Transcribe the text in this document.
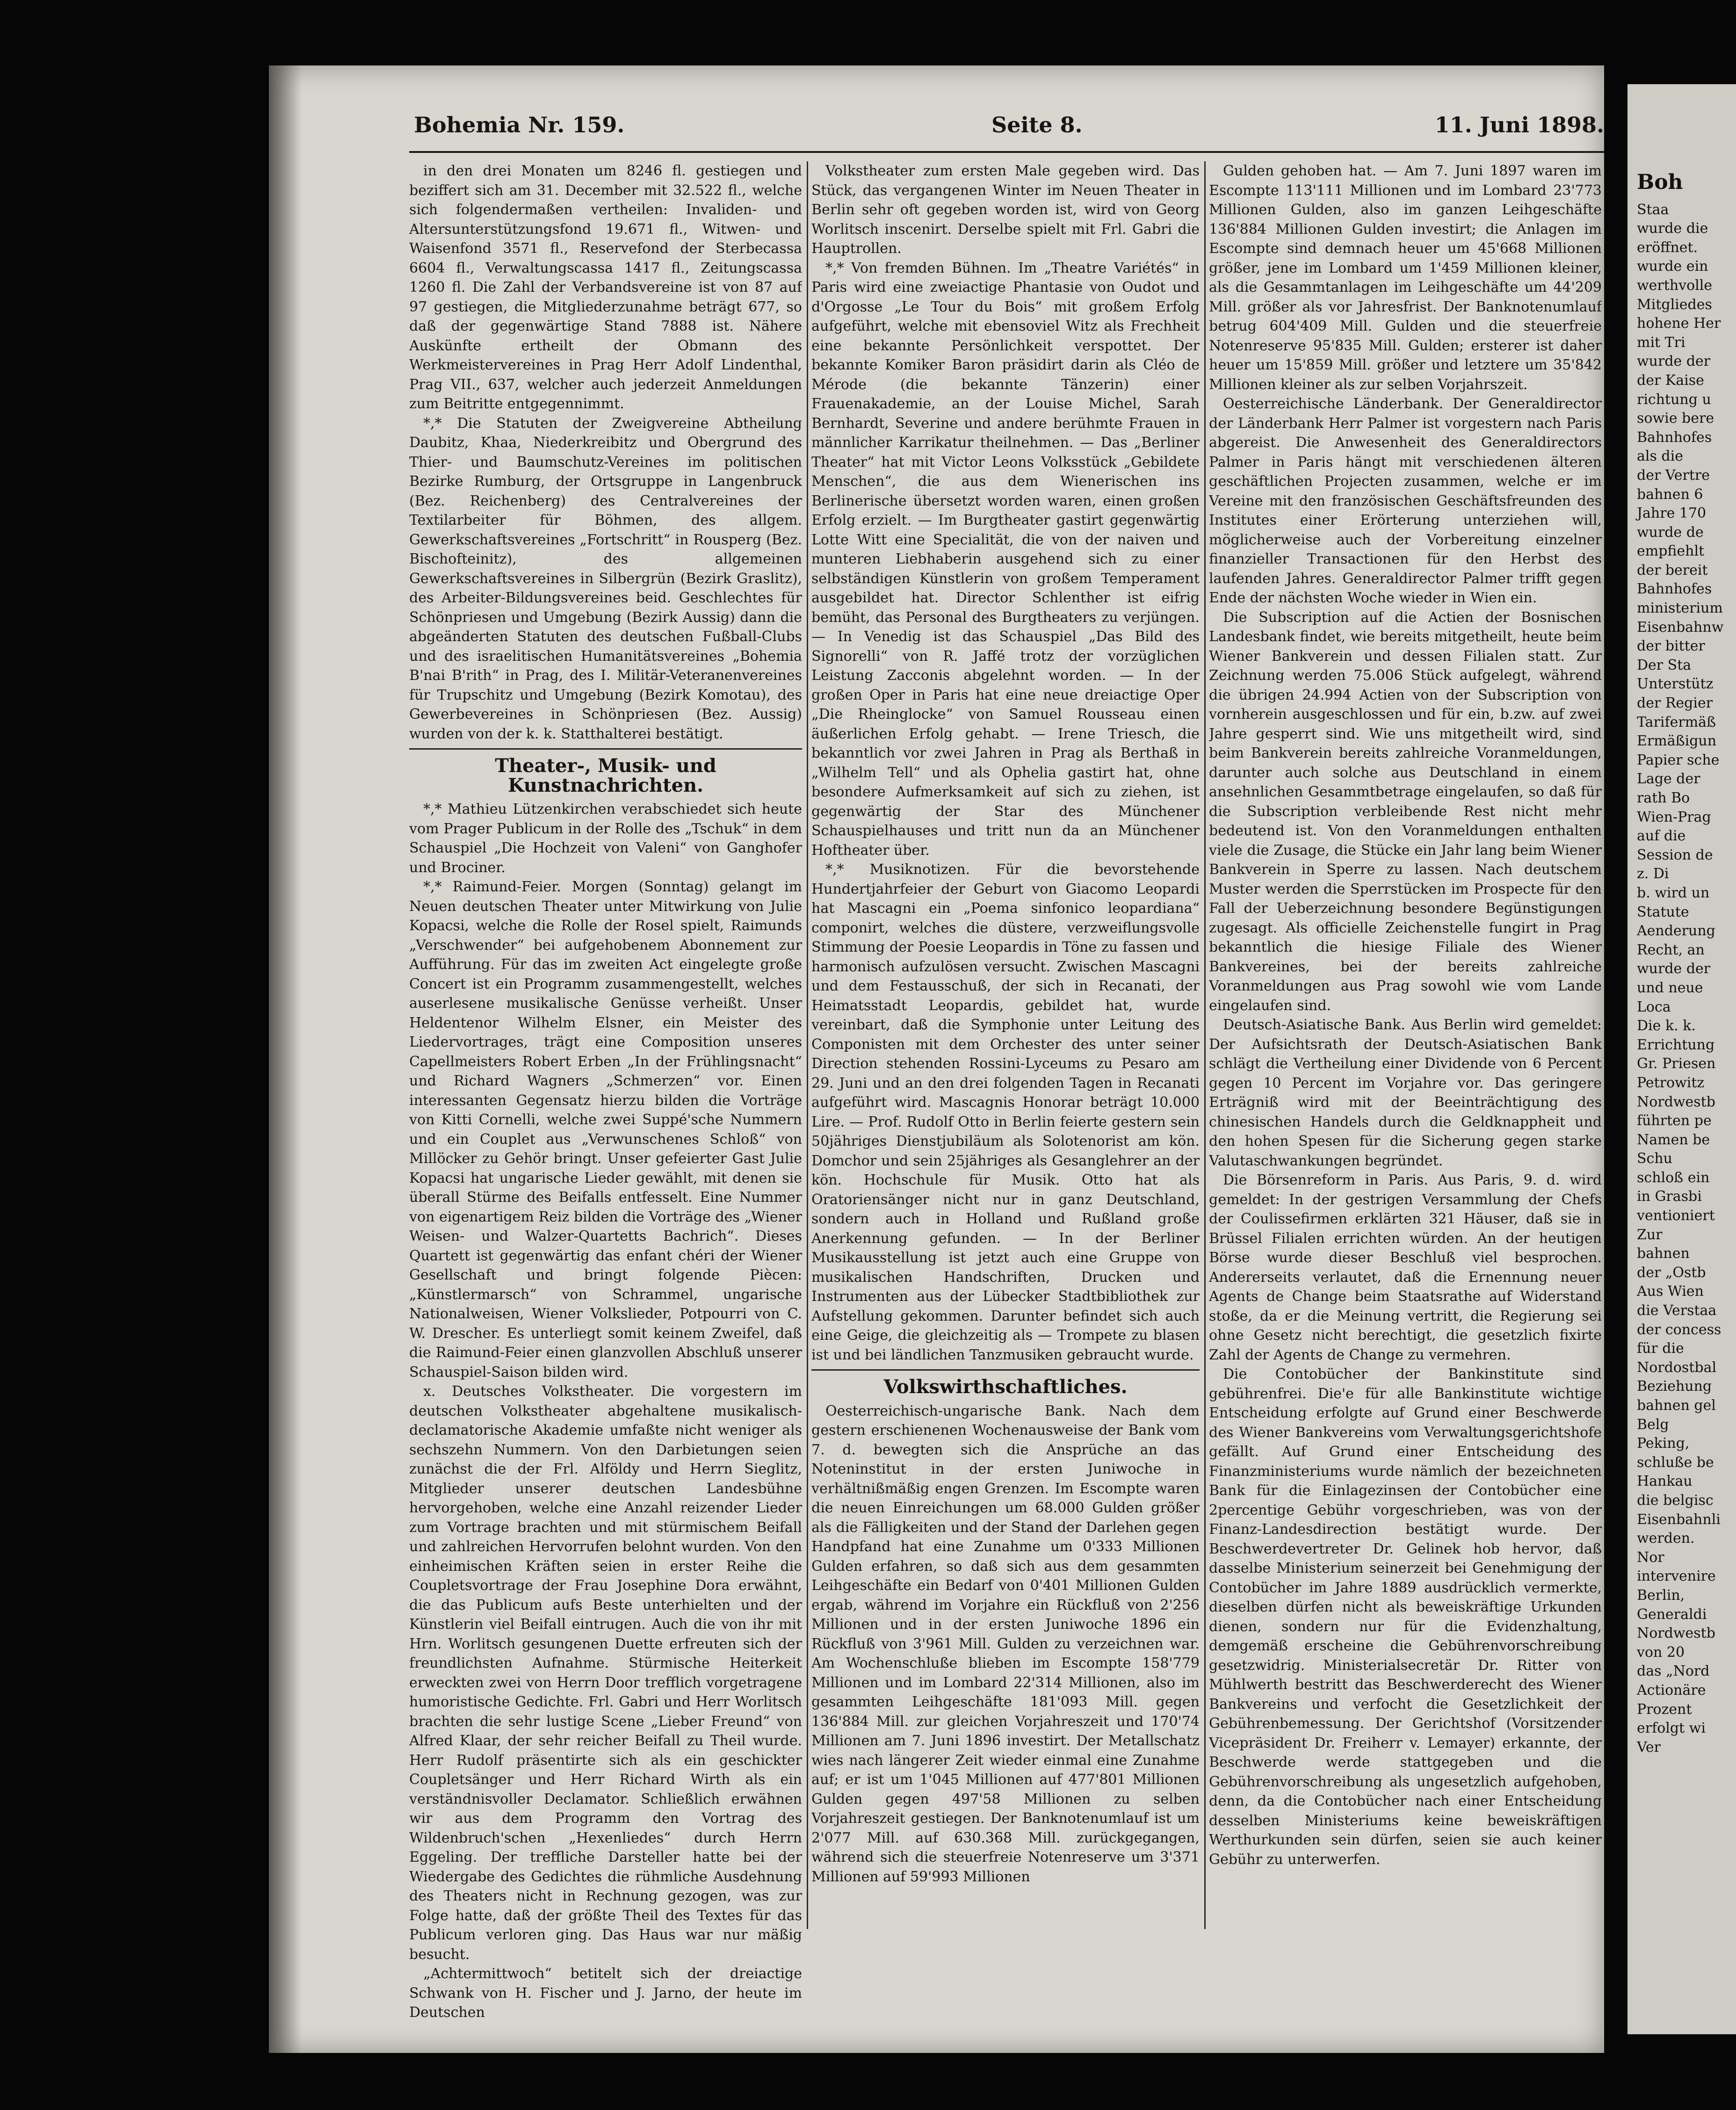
Bohemia Nr. 159.	Seite 8.	11. Juni 1898.

in den drei Monaten um 8246 fl. gestiegen und beziffert sich am 31. December mit 32.522 fl., welche sich folgendermaßen vertheilen: Invaliden- und Altersunterstützungsfond 19.671 fl., Witwen- und Waisenfond 3571 fl., Reservefond der Sterbecassa 6604 fl., Verwaltungscassa 1417 fl., Zeitungscassa 1260 fl. Die Zahl der Verbandsvereine ist von 87 auf 97 gestiegen, die Mitgliederzunahme beträgt 677, so daß der gegenwärtige Stand 7888 ist. Nähere Auskünfte ertheilt der Obmann des Werkmeistervereines in Prag Herr Adolf Lindenthal, Prag VII., 637, welcher auch jederzeit Anmeldungen zum Beitritte entgegennimmt.

*,* Die Statuten der Zweigvereine Abtheilung Daubitz, Khaa, Niederkreibitz und Obergrund des Thier- und Baumschutz-Vereines im politischen Bezirke Rumburg, der Ortsgruppe in Langenbruck (Bez. Reichenberg) des Centralvereines der Textilarbeiter für Böhmen, des allgem. Gewerkschaftsvereines „Fortschritt“ in Rousperg (Bez. Bischofteinitz), des allgemeinen Gewerkschaftsvereines in Silbergrün (Bezirk Graslitz), des Arbeiter-Bildungsvereines beid. Geschlechtes für Schönpriesen und Umgebung (Bezirk Aussig) dann die abgeänderten Statuten des deutschen Fußball-Clubs und des israelitischen Humanitätsvereines „Bohemia B'nai B'rith“ in Prag, des I. Militär-Veteranenvereines für Trupschitz und Umgebung (Bezirk Komotau), des Gewerbevereines in Schönpriesen (Bez. Aussig) wurden von der k. k. Statthalterei bestätigt.

Theater-, Musik- und Kunstnachrichten.

*,* Mathieu Lützenkirchen verabschiedet sich heute vom Prager Publicum in der Rolle des „Tschuk“ in dem Schauspiel „Die Hochzeit von Valeni“ von Ganghofer und Brociner.

*,* Raimund-Feier. Morgen (Sonntag) gelangt im Neuen deutschen Theater unter Mitwirkung von Julie Kopacsi, welche die Rolle der Rosel spielt, Raimunds „Verschwender“ bei aufgehobenem Abonnement zur Aufführung. Für das im zweiten Act eingelegte große Concert ist ein Programm zusammengestellt, welches auserlesene musikalische Genüsse verheißt. Unser Heldentenor Wilhelm Elsner, ein Meister des Liedervortrages, trägt eine Composition unseres Capellmeisters Robert Erben „In der Frühlingsnacht“ und Richard Wagners „Schmerzen“ vor. Einen interessanten Gegensatz hierzu bilden die Vorträge von Kitti Cornelli, welche zwei Suppé'sche Nummern und ein Couplet aus „Verwunschenes Schloß“ von Millöcker zu Gehör bringt. Unser gefeierter Gast Julie Kopacsi hat ungarische Lieder gewählt, mit denen sie überall Stürme des Beifalls entfesselt. Eine Nummer von eigenartigem Reiz bilden die Vorträge des „Wiener Weisen- und Walzer-Quartetts Bachrich“. Dieses Quartett ist gegenwärtig das enfant chéri der Wiener Gesellschaft und bringt folgende Piècen: „Künstlermarsch“ von Schrammel, ungarische Nationalweisen, Wiener Volkslieder, Potpourri von C. W. Drescher. Es unterliegt somit keinem Zweifel, daß die Raimund-Feier einen glanzvollen Abschluß unserer Schauspiel-Saison bilden wird.

x. Deutsches Volkstheater. Die vorgestern im deutschen Volkstheater abgehaltene musikalisch-declamatorische Akademie umfaßte nicht weniger als sechszehn Nummern. Von den Darbietungen seien zunächst die der Frl. Alföldy und Herrn Sieglitz, Mitglieder unserer deutschen Landesbühne hervorgehoben, welche eine Anzahl reizender Lieder zum Vortrage brachten und mit stürmischem Beifall und zahlreichen Hervorrufen belohnt wurden. Von den einheimischen Kräften seien in erster Reihe die Coupletsvortrage der Frau Josephine Dora erwähnt, die das Publicum aufs Beste unterhielten und der Künstlerin viel Beifall eintrugen. Auch die von ihr mit Hrn. Worlitsch gesungenen Duette erfreuten sich der freundlichsten Aufnahme. Stürmische Heiterkeit erweckten zwei von Herrn Door trefflich vorgetragene humoristische Gedichte. Frl. Gabri und Herr Worlitsch brachten die sehr lustige Scene „Lieber Freund“ von Alfred Klaar, der sehr reicher Beifall zu Theil wurde. Herr Rudolf präsentirte sich als ein geschickter Coupletsänger und Herr Richard Wirth als ein verständnisvoller Declamator. Schließlich erwähnen wir aus dem Programm den Vortrag des Wildenbruch'schen „Hexenliedes“ durch Herrn Eggeling. Der treffliche Darsteller hatte bei der Wiedergabe des Gedichtes die rühmliche Ausdehnung des Theaters nicht in Rechnung gezogen, was zur Folge hatte, daß der größte Theil des Textes für das Publicum verloren ging. Das Haus war nur mäßig besucht.

„Achtermittwoch“ betitelt sich der dreiactige Schwank von H. Fischer und J. Jarno, der heute im Deutschen

Volkstheater zum ersten Male gegeben wird. Das Stück, das vergangenen Winter im Neuen Theater in Berlin sehr oft gegeben worden ist, wird von Georg Worlitsch inscenirt. Derselbe spielt mit Frl. Gabri die Hauptrollen.

*,* Von fremden Bühnen. Im „Theatre Variétés“ in Paris wird eine zweiactige Phantasie von Oudot und d'Orgosse „Le Tour du Bois“ mit großem Erfolg aufgeführt, welche mit ebensoviel Witz als Frechheit eine bekannte Persönlichkeit verspottet. Der bekannte Komiker Baron präsidirt darin als Cléo de Mérode (die bekannte Tänzerin) einer Frauenakademie, an der Louise Michel, Sarah Bernhardt, Severine und andere berühmte Frauen in männlicher Karrikatur theilnehmen. — Das „Berliner Theater“ hat mit Victor Leons Volksstück „Gebildete Menschen“, die aus dem Wienerischen ins Berlinerische übersetzt worden waren, einen großen Erfolg erzielt. — Im Burgtheater gastirt gegenwärtig Lotte Witt eine Specialität, die von der naiven und munteren Liebhaberin ausgehend sich zu einer selbständigen Künstlerin von großem Temperament ausgebildet hat. Director Schlenther ist eifrig bemüht, das Personal des Burgtheaters zu verjüngen. — In Venedig ist das Schauspiel „Das Bild des Signorelli“ von R. Jaffé trotz der vorzüglichen Leistung Zacconis abgelehnt worden. — In der großen Oper in Paris hat eine neue dreiactige Oper „Die Rheinglocke“ von Samuel Rousseau einen äußerlichen Erfolg gehabt. — Irene Triesch, die bekanntlich vor zwei Jahren in Prag als Berthaß in „Wilhelm Tell“ und als Ophelia gastirt hat, ohne besondere Aufmerksamkeit auf sich zu ziehen, ist gegenwärtig der Star des Münchener Schauspielhauses und tritt nun da an Münchener Hoftheater über.

*,* Musiknotizen. Für die bevorstehende Hundertjahrfeier der Geburt von Giacomo Leopardi hat Mascagni ein „Poema sinfonico leopardiana“ componirt, welches die düstere, verzweiflungsvolle Stimmung der Poesie Leopardis in Töne zu fassen und harmonisch aufzulösen versucht. Zwischen Mascagni und dem Festausschuß, der sich in Recanati, der Heimatsstadt Leopardis, gebildet hat, wurde vereinbart, daß die Symphonie unter Leitung des Componisten mit dem Orchester des unter seiner Direction stehenden Rossini-Lyceums zu Pesaro am 29. Juni und an den drei folgenden Tagen in Recanati aufgeführt wird. Mascagnis Honorar beträgt 10.000 Lire. — Prof. Rudolf Otto in Berlin feierte gestern sein 50jähriges Dienstjubiläum als Solotenorist am kön. Domchor und sein 25jähriges als Gesanglehrer an der kön. Hochschule für Musik. Otto hat als Oratoriensänger nicht nur in ganz Deutschland, sondern auch in Holland und Rußland große Anerkennung gefunden. — In der Berliner Musikausstellung ist jetzt auch eine Gruppe von musikalischen Handschriften, Drucken und Instrumenten aus der Lübecker Stadtbibliothek zur Aufstellung gekommen. Darunter befindet sich auch eine Geige, die gleichzeitig als — Trompete zu blasen ist und bei ländlichen Tanzmusiken gebraucht wurde.

Volkswirthschaftliches.

Oesterreichisch-ungarische Bank. Nach dem gestern erschienenen Wochenausweise der Bank vom 7. d. bewegten sich die Ansprüche an das Noteninstitut in der ersten Juniwoche in verhältnißmäßig engen Grenzen. Im Escompte waren die neuen Einreichungen um 68.000 Gulden größer als die Fälligkeiten und der Stand der Darlehen gegen Handpfand hat eine Zunahme um 0'333 Millionen Gulden erfahren, so daß sich aus dem gesammten Leihgeschäfte ein Bedarf von 0'401 Millionen Gulden ergab, während im Vorjahre ein Rückfluß von 2'256 Millionen und in der ersten Juniwoche 1896 ein Rückfluß von 3'961 Mill. Gulden zu verzeichnen war. Am Wochenschluße blieben im Escompte 158'779 Millionen und im Lombard 22'314 Millionen, also im gesammten Leihgeschäfte 181'093 Mill. gegen 136'884 Mill. zur gleichen Vorjahreszeit und 170'74 Millionen am 7. Juni 1896 investirt. Der Metallschatz wies nach längerer Zeit wieder einmal eine Zunahme auf; er ist um 1'045 Millionen auf 477'801 Millionen Gulden gegen 497'58 Millionen zu selben Vorjahreszeit gestiegen. Der Banknotenumlauf ist um 2'077 Mill. auf 630.368 Mill. zurückgegangen, während sich die steuerfreie Notenreserve um 3'371 Millionen auf 59'993 Millionen

Gulden gehoben hat. — Am 7. Juni 1897 waren im Escompte 113'111 Millionen und im Lombard 23'773 Millionen Gulden, also im ganzen Leihgeschäfte 136'884 Millionen Gulden investirt; die Anlagen im Escompte sind demnach heuer um 45'668 Millionen größer, jene im Lombard um 1'459 Millionen kleiner, als die Gesammtanlagen im Leihgeschäfte um 44'209 Mill. größer als vor Jahresfrist. Der Banknotenumlauf betrug 604'409 Mill. Gulden und die steuerfreie Notenreserve 95'835 Mill. Gulden; ersterer ist daher heuer um 15'859 Mill. größer und letztere um 35'842 Millionen kleiner als zur selben Vorjahrszeit.

Oesterreichische Länderbank. Der Generaldirector der Länderbank Herr Palmer ist vorgestern nach Paris abgereist. Die Anwesenheit des Generaldirectors Palmer in Paris hängt mit verschiedenen älteren geschäftlichen Projecten zusammen, welche er im Vereine mit den französischen Geschäftsfreunden des Institutes einer Erörterung unterziehen will, möglicherweise auch der Vorbereitung einzelner finanzieller Transactionen für den Herbst des laufenden Jahres. Generaldirector Palmer trifft gegen Ende der nächsten Woche wieder in Wien ein.

Die Subscription auf die Actien der Bosnischen Landesbank findet, wie bereits mitgetheilt, heute beim Wiener Bankverein und dessen Filialen statt. Zur Zeichnung werden 75.006 Stück aufgelegt, während die übrigen 24.994 Actien von der Subscription von vornherein ausgeschlossen und für ein, b.zw. auf zwei Jahre gesperrt sind. Wie uns mitgetheilt wird, sind beim Bankverein bereits zahlreiche Voranmeldungen, darunter auch solche aus Deutschland in einem ansehnlichen Gesammtbetrage eingelaufen, so daß für die Subscription verbleibende Rest nicht mehr bedeutend ist. Von den Voranmeldungen enthalten viele die Zusage, die Stücke ein Jahr lang beim Wiener Bankverein in Sperre zu lassen. Nach deutschem Muster werden die Sperrstücken im Prospecte für den Fall der Ueberzeichnung besondere Begünstigungen zugesagt. Als officielle Zeichenstelle fungirt in Prag bekanntlich die hiesige Filiale des Wiener Bankvereines, bei der bereits zahlreiche Voranmeldungen aus Prag sowohl wie vom Lande eingelaufen sind.

Deutsch-Asiatische Bank. Aus Berlin wird gemeldet: Der Aufsichtsrath der Deutsch-Asiatischen Bank schlägt die Vertheilung einer Dividende von 6 Percent gegen 10 Percent im Vorjahre vor. Das geringere Erträgniß wird mit der Beeinträchtigung des chinesischen Handels durch die Geldknappheit und den hohen Spesen für die Sicherung gegen starke Valutaschwankungen begründet.

Die Börsenreform in Paris. Aus Paris, 9. d. wird gemeldet: In der gestrigen Versammlung der Chefs der Coulissefirmen erklärten 321 Häuser, daß sie in Brüssel Filialen errichten würden. An der heutigen Börse wurde dieser Beschluß viel besprochen. Andererseits verlautet, daß die Ernennung neuer Agents de Change beim Staatsrathe auf Widerstand stoße, da er die Meinung vertritt, die Regierung sei ohne Gesetz nicht berechtigt, die gesetzlich fixirte Zahl der Agents de Change zu vermehren.

Die Contobücher der Bankinstitute sind gebührenfrei. Die'e für alle Bankinstitute wichtige Entscheidung erfolgte auf Grund einer Beschwerde des Wiener Bankvereins vom Verwaltungsgerichtshofe gefällt. Auf Grund einer Entscheidung des Finanzministeriums wurde nämlich der bezeichneten Bank für die Einlagezinsen der Contobücher eine 2percentige Gebühr vorgeschrieben, was von der Finanz-Landesdirection bestätigt wurde. Der Beschwerdevertreter Dr. Gelinek hob hervor, daß dasselbe Ministerium seinerzeit bei Genehmigung der Contobücher im Jahre 1889 ausdrücklich vermerkte, dieselben dürfen nicht als beweiskräftige Urkunden dienen, sondern nur für die Evidenzhaltung, demgemäß erscheine die Gebührenvorschreibung gesetzwidrig. Ministerialsecretär Dr. Ritter von Mühlwerth bestritt das Beschwerderecht des Wiener Bankvereins und verfocht die Gesetzlichkeit der Gebührenbemessung. Der Gerichtshof (Vorsitzender Vicepräsident Dr. Freiherr v. Lemayer) erkannte, der Beschwerde werde stattgegeben und die Gebührenvorschreibung als ungesetzlich aufgehoben, denn, da die Contobücher nach einer Entscheidung desselben Ministeriums keine beweiskräftigen Werthurkunden sein dürfen, seien sie auch keiner Gebühr zu unterwerfen.

Boh
Staa
wurde die
eröffnet.
wurde ein
werthvolle
Mitgliedes
hohene Her
mit Tri
wurde der
der Kaise
richtung u
sowie bere
Bahnhofes
als die
der Vertre
bahnen 6
Jahre 170
wurde de
empfiehlt
der bereit
Bahnhofes
ministerium
Eisenbahnw
der bitter
Der Sta
Unterstütz
der Regier
Tarifermäß
Ermäßigun
Papier sche
Lage der
rath Bo
Wien-Prag
auf die
Session de
z. Di
b. wird un
Statute
Aenderung
Recht, an
wurde der
und neue
Loca
Die k. k.
Errichtung
Gr. Priesen
Petrowitz
Nordwestb
führten pe
Namen be
Schu
schloß ein
in Grasbi
ventioniert
Zur
bahnen
der „Ostb
Aus Wien
die Verstaa
der concess
für die
Nordostbal
Beziehung
bahnen gel
Belg
Peking,
schluße be
Hankau
die belgisc
Eisenbahnli
werden.
Nor
intervenire
Berlin,
Generaldi
Nordwestb
von 20
das „Nord
Actionäre
Prozent
erfolgt wi
Ver
